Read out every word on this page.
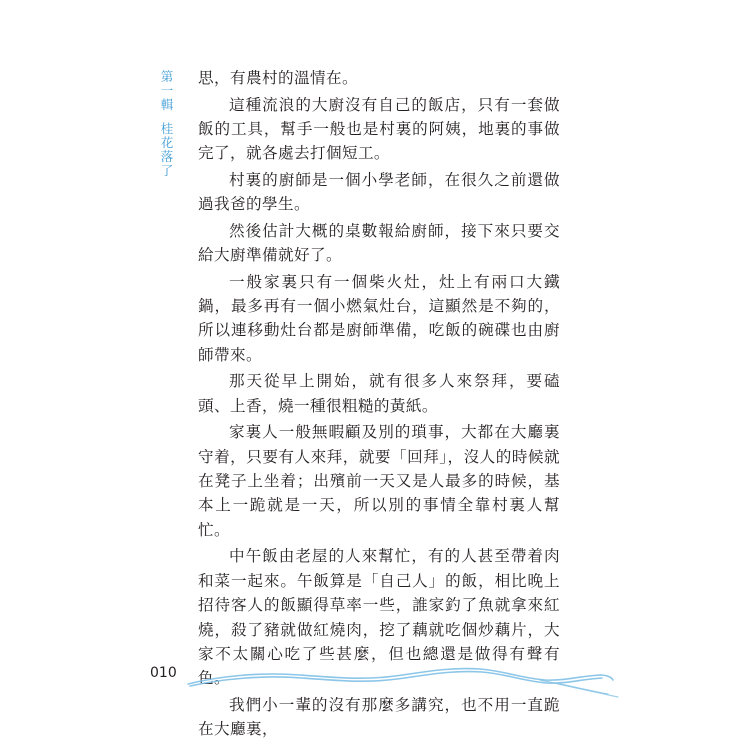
第
一
輯
桂
花
落
了

思，有農村的溫情在。

這種流浪的大廚沒有自己的飯店，只有一套做飯的工具，幫手一般也是村裏的阿姨，地裏的事做完了，就各處去打個短工。

村裏的廚師是一個小學老師，在很久之前還做過我爸的學生。

然後估計大概的桌數報給廚師，接下來只要交給大廚準備就好了。

一般家裏只有一個柴火灶，灶上有兩口大鐵鍋，最多再有一個小燃氣灶台，這顯然是不夠的，所以連移動灶台都是廚師準備，吃飯的碗碟也由廚師帶來。

那天從早上開始，就有很多人來祭拜，要磕頭、上香，燒一種很粗糙的黃紙。

家裏人一般無暇顧及別的瑣事，大都在大廳裏守着，只要有人來拜，就要「回拜」，沒人的時候就在凳子上坐着；出殯前一天又是人最多的時候，基本上一跪就是一天，所以別的事情全靠村裏人幫忙。

中午飯由老屋的人來幫忙，有的人甚至帶着肉和菜一起來。午飯算是「自己人」的飯，相比晚上招待客人的飯顯得草率一些，誰家釣了魚就拿來紅燒，殺了豬就做紅燒肉，挖了藕就吃個炒藕片，大家不太關心吃了些甚麼，但也總還是做得有聲有色。

我們小一輩的沒有那麼多講究，也不用一直跪在大廳裏，

010
